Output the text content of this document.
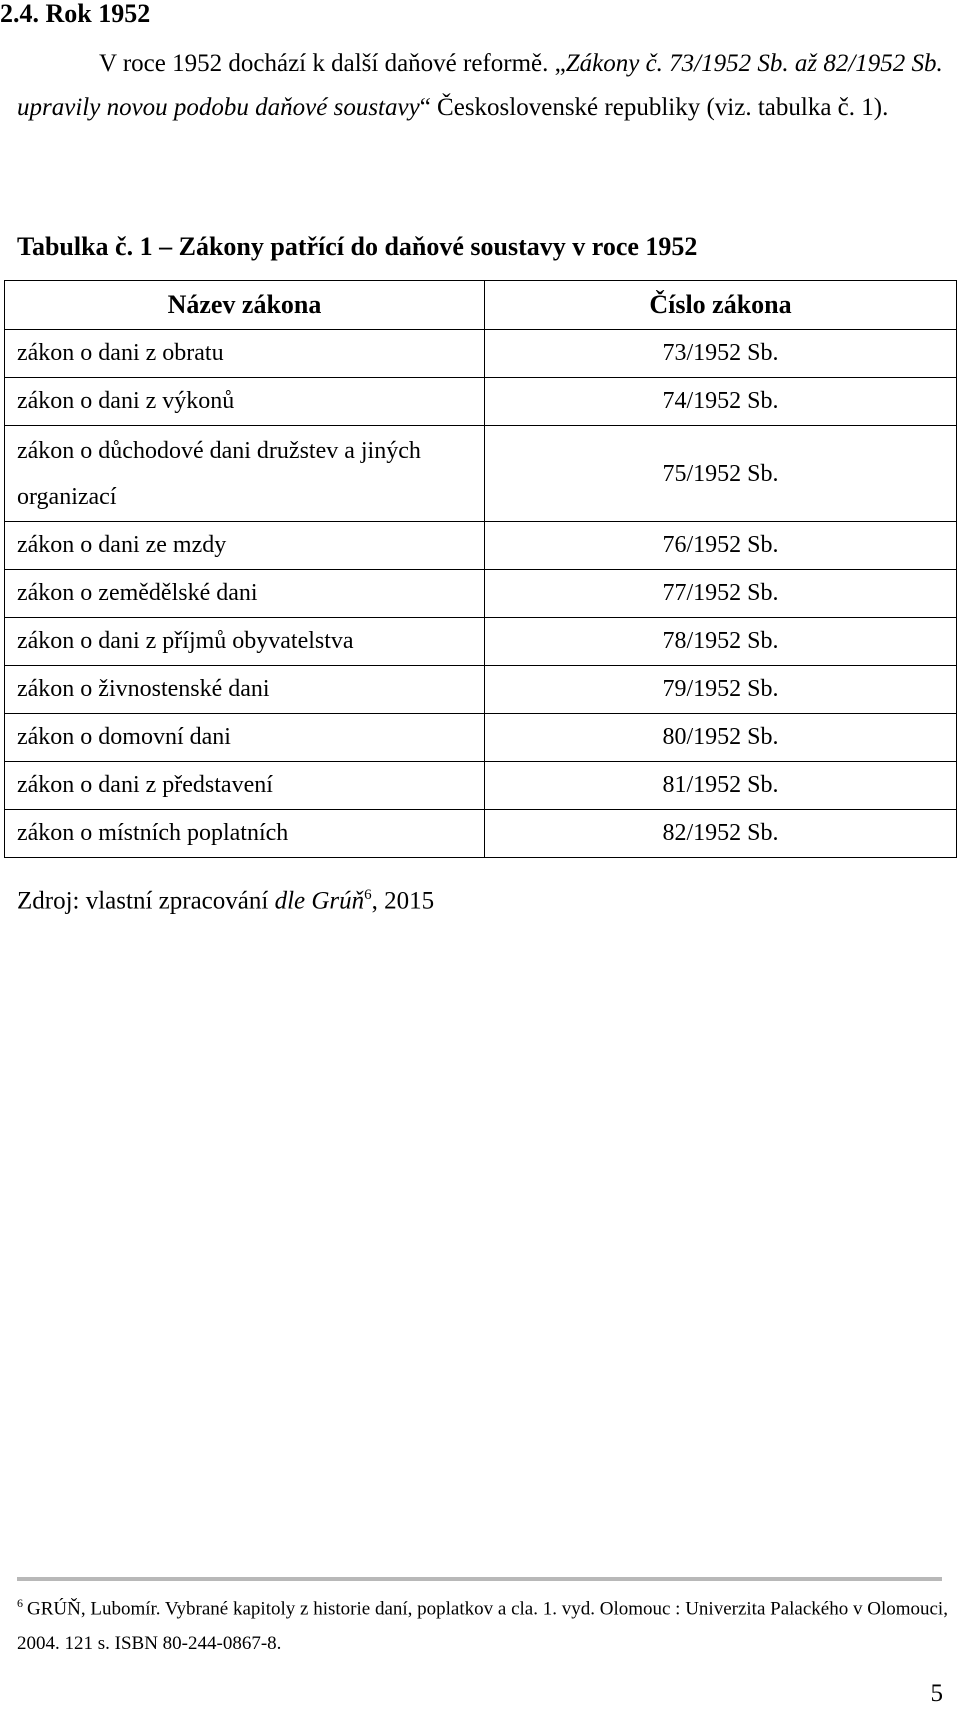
2.4. Rok 1952

V roce 1952 dochází k další daňové reformě. „Zákony č. 73/1952 Sb. až 82/1952 Sb. upravily novou podobu daňové soustavy“ Československé republiky (viz. tabulka č. 1).

Tabulka č. 1 – Zákony patřící do daňové soustavy v roce 1952

Název zákona	Číslo zákona
zákon o dani z obratu	73/1952 Sb.
zákon o dani z výkonů	74/1952 Sb.
zákon o důchodové dani družstev a jiných organizací	75/1952 Sb.
zákon o dani ze mzdy	76/1952 Sb.
zákon o zemědělské dani	77/1952 Sb.
zákon o dani z příjmů obyvatelstva	78/1952 Sb.
zákon o živnostenské dani	79/1952 Sb.
zákon o domovní dani	80/1952 Sb.
zákon o dani z představení	81/1952 Sb.
zákon o místních poplatních	82/1952 Sb.

Zdroj: vlastní zpracování dle Grúň$^6$, 2015

$^6$ GRÚŇ, Lubomír. Vybrané kapitoly z historie daní, poplatkov a cla. 1. vyd. Olomouc : Univerzita Palackého v Olomouci, 2004. 121 s. ISBN 80-244-0867-8.

5
